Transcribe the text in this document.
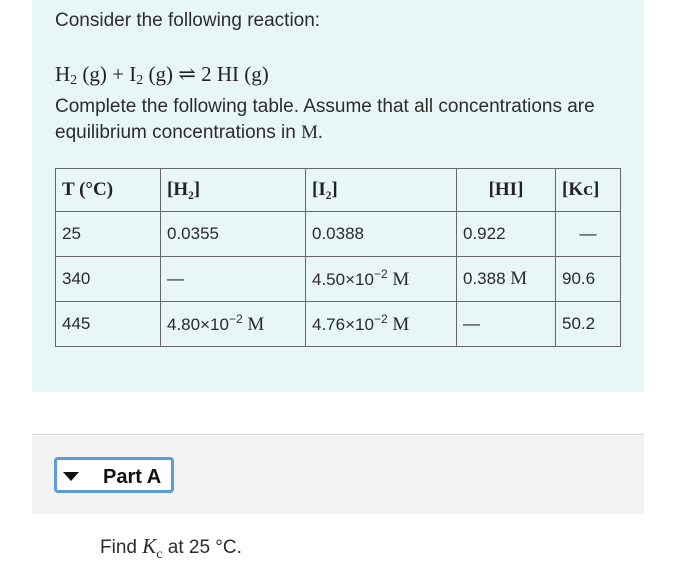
Consider the following reaction:
$H_2$ $(g) + I_2$ (g) ⇌ 2 HI (g)
Complete the following table. Assume that all concentrations are equilibrium concentrations in M.
T (°C)	[H₂]	[I₂]	[HI]	[Kᴄ]
25	0.0355	0.0388	0.922	—
340	—	$4.50\times 10^{-2}$ M	0.388 M	90.6
445	$4.80\times 10^{-2}$ M	$4.76\times 10^{-2}$ M	—	50.2
Part A
Find $K_c$ at 25 °C.
